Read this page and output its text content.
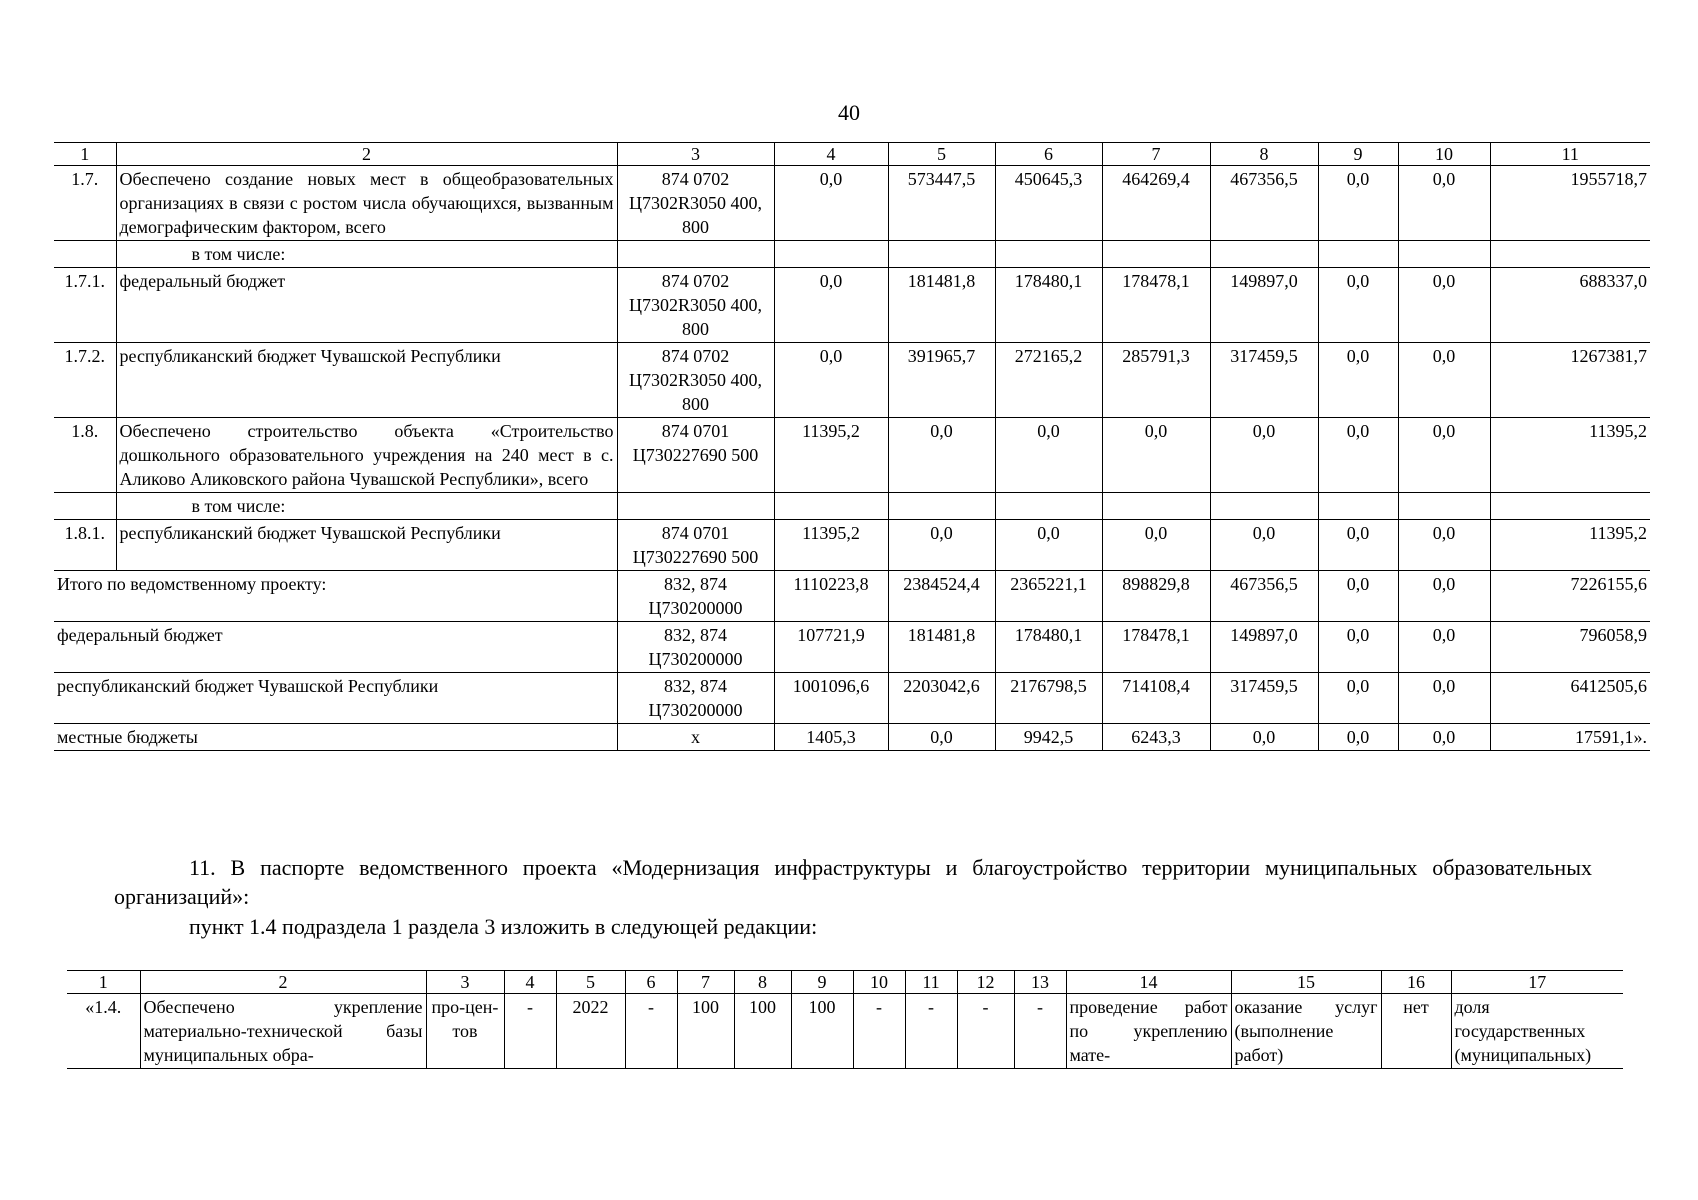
40
1	2	3	4	5	6	7	8	9	10	11
1.7.	Обеспечено создание новых мест в общеобразовательных организациях в связи с ростом числа обучающихся, вызванным демографическим фактором, всего	874 0702 Ц7302R3050 400, 800	0,0	573447,5	450645,3	464269,4	467356,5	0,0	0,0	1955718,7
	в том числе:									
1.7.1.	федеральный бюджет	874 0702 Ц7302R3050 400, 800	0,0	181481,8	178480,1	178478,1	149897,0	0,0	0,0	688337,0
1.7.2.	республиканский бюджет Чувашской Республики	874 0702 Ц7302R3050 400, 800	0,0	391965,7	272165,2	285791,3	317459,5	0,0	0,0	1267381,7
1.8.	Обеспечено строительство объекта «Строительство дошкольного образовательного учреждения на 240 мест в с. Аликово Аликовского района Чувашской Республики», всего	874 0701 Ц730227690 500	11395,2	0,0	0,0	0,0	0,0	0,0	0,0	11395,2
	в том числе:									
1.8.1.	республиканский бюджет Чувашской Республики	874 0701 Ц730227690 500	11395,2	0,0	0,0	0,0	0,0	0,0	0,0	11395,2
Итого по ведомственному проекту:		832, 874 Ц730200000	1110223,8	2384524,4	2365221,1	898829,8	467356,5	0,0	0,0	7226155,6
федеральный бюджет		832, 874 Ц730200000	107721,9	181481,8	178480,1	178478,1	149897,0	0,0	0,0	796058,9
республиканский бюджет Чувашской Республики		832, 874 Ц730200000	1001096,6	2203042,6	2176798,5	714108,4	317459,5	0,0	0,0	6412505,6
местные бюджеты		х	1405,3	0,0	9942,5	6243,3	0,0	0,0	0,0	17591,1».
11. В паспорте ведомственного проекта «Модернизация инфраструктуры и благоустройство территории муниципальных образовательных организаций»:
пункт 1.4 подраздела 1 раздела 3 изложить в следующей редакции:
1	2	3	4	5	6	7	8	9	10	11	12	13	14	15	16	17
«1.4.	Обеспечено укрепление материально-технической базы муниципальных обра-	про-цен-тов	-	2022	-	100	100	100	-	-	-	-	проведение работ по укреплению мате-	оказание услуг (выполнение работ)	нет	доля государственных (муниципальных)
